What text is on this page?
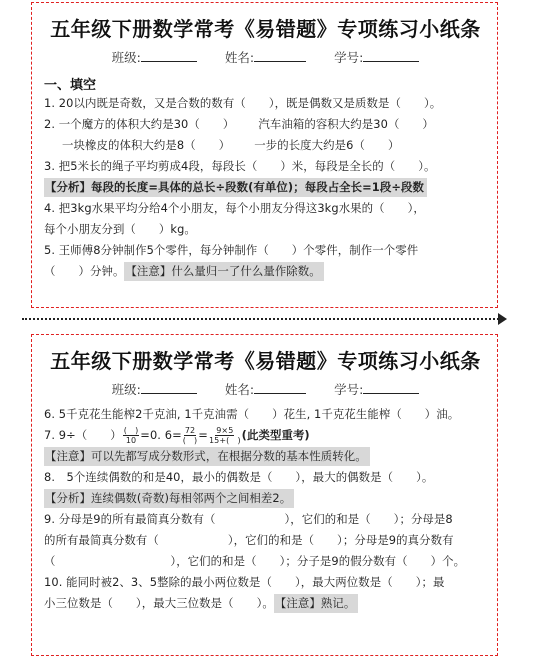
五年级下册数学常考《易错题》专项练习小纸条
班级:	姓名:	学号:
一、填空
1. 20以内既是奇数，又是合数的数有（　　），既是偶数又是质数是（　　）。
2. 一个魔方的体积大约是30（　　） 汽车油箱的容积大约是30（　　）
一块橡皮的体积大约是8（　　） 一步的长度大约是6（　　）
3. 把5米长的绳子平均剪成4段，每段长（　　）米，每段是全长的（　　）。
【分析】每段的长度=具体的总长÷段数(有单位)；每段占全长=1段÷段数
4. 把3kg水果平均分给4个小朋友，每个小朋友分得这3kg水果的（　　），
每个小朋友分到（　　）kg。
5. 王师傅8分钟制作5个零件，每分钟制作（　　）个零件，制作一个零件
（　　）分钟。【注意】什么量归一了什么量作除数。
五年级下册数学常考《易错题》专项练习小纸条
班级:	姓名:	学号:
6. 5千克花生能榨2千克油, 1千克油需（　　）花生, 1千克花生能榨（　　）油。
7. 9÷（　　） $\frac{( )}{10} =0$. $6= \frac{72}{( )} = \frac{9\times 5}{15+( )}$ (此类型重考)
【注意】可以先都写成分数形式，在根据分数的基本性质转化。
8.　5个连续偶数的和是40，最小的偶数是（　　），最大的偶数是（　　）。
【分析】连续偶数(奇数)每相邻两个之间相差2。
9. 分母是9的所有最简真分数有（　　　　　　），它们的和是（　　）；分母是8
的所有最简真分数有（　　　　　　），它们的和是（　　）；分母是9的真分数有
（　　　　　　　　　　），它们的和是（　　）；分子是9的假分数有（　　）个。
10. 能同时被2、3、5整除的最小两位数是（　　），最大两位数是（　　）；最
小三位数是（　　），最大三位数是（　　）。【注意】熟记。
